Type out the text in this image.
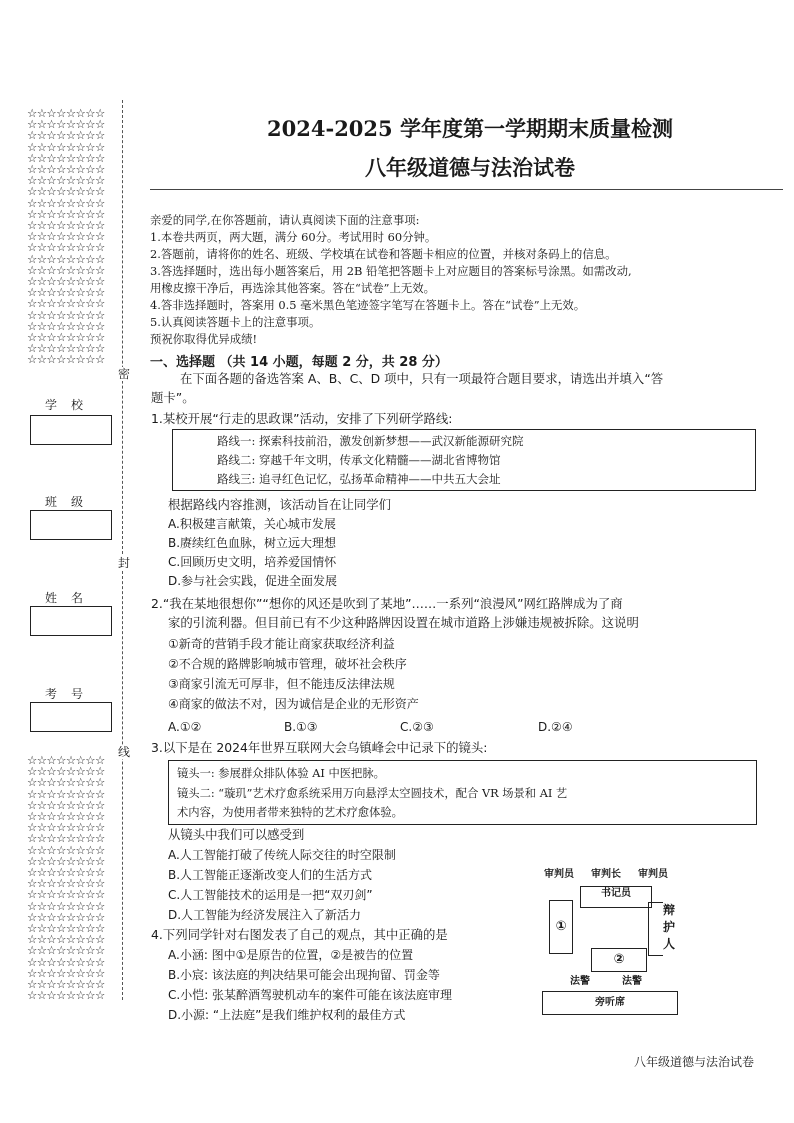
☆☆☆☆☆☆☆☆
☆☆☆☆☆☆☆☆
☆☆☆☆☆☆☆☆
☆☆☆☆☆☆☆☆
☆☆☆☆☆☆☆☆
☆☆☆☆☆☆☆☆
☆☆☆☆☆☆☆☆
☆☆☆☆☆☆☆☆
☆☆☆☆☆☆☆☆
☆☆☆☆☆☆☆☆
☆☆☆☆☆☆☆☆
☆☆☆☆☆☆☆☆
☆☆☆☆☆☆☆☆
☆☆☆☆☆☆☆☆
☆☆☆☆☆☆☆☆
☆☆☆☆☆☆☆☆
☆☆☆☆☆☆☆☆
☆☆☆☆☆☆☆☆
☆☆☆☆☆☆☆☆
☆☆☆☆☆☆☆☆
☆☆☆☆☆☆☆☆
☆☆☆☆☆☆☆☆
☆☆☆☆☆☆☆☆
☆☆☆☆☆☆☆☆
☆☆☆☆☆☆☆☆
☆☆☆☆☆☆☆☆
☆☆☆☆☆☆☆☆
☆☆☆☆☆☆☆☆
☆☆☆☆☆☆☆☆
☆☆☆☆☆☆☆☆
☆☆☆☆☆☆☆☆
☆☆☆☆☆☆☆☆
☆☆☆☆☆☆☆☆
☆☆☆☆☆☆☆☆
☆☆☆☆☆☆☆☆
☆☆☆☆☆☆☆☆
☆☆☆☆☆☆☆☆
☆☆☆☆☆☆☆☆
☆☆☆☆☆☆☆☆
☆☆☆☆☆☆☆☆
☆☆☆☆☆☆☆☆
☆☆☆☆☆☆☆☆
☆☆☆☆☆☆☆☆
☆☆☆☆☆☆☆☆
☆☆☆☆☆☆☆☆
密
封
线
学校
班级
姓名
考号
2024-2025 学年度第一学期期末质量检测
八年级道德与法治试卷
亲爱的同学,在你答题前，请认真阅读下面的注意事项:
1.本卷共两页，两大题，满分 60分。考试用时 60分钟。
2.答题前，请将你的姓名、班级、学校填在试卷和答题卡相应的位置，并核对条码上的信息。
3.答选择题时，选出每小题答案后，用 2B 铅笔把答题卡上对应题目的答案标号涂黑。如需改动,
用橡皮擦干净后，再选涂其他答案。答在“试卷”上无效。
4.答非选择题时，答案用 0.5 毫米黑色笔迹签字笔写在答题卡上。答在“试卷”上无效。
5.认真阅读答题卡上的注意事项。
预祝你取得优异成绩!
一、选择题 （共 14 小题，每题 2 分，共 28 分）
在下面各题的备选答案 A、B、C、D 项中，只有一项最符合题目要求，请选出并填入“答
题卡”。
1.某校开展“行走的思政课”活动，安排了下列研学路线:
路线一: 探索科技前沿，激发创新梦想——武汉新能源研究院
路线二: 穿越千年文明，传承文化精髓——湖北省博物馆
路线三: 追寻红色记忆，弘扬革命精神——中共五大会址
根据路线内容推测，该活动旨在让同学们
A.积极建言献策，关心城市发展
B.赓续红色血脉，树立远大理想
C.回顾历史文明，培养爱国情怀
D.参与社会实践，促进全面发展
2.“我在某地很想你”“想你的风还是吹到了某地”……一系列“浪漫风”网红路牌成为了商
家的引流利器。但目前已有不少这种路牌因设置在城市道路上涉嫌违规被拆除。这说明
①新奇的营销手段才能让商家获取经济利益
②不合规的路牌影响城市管理，破坏社会秩序
③商家引流无可厚非，但不能违反法律法规
④商家的做法不对，因为诚信是企业的无形资产
A.①②	B.①③	C.②③	D.②④
3.以下是在 2024年世界互联网大会乌镇峰会中记录下的镜头:
镜头一: 参展群众排队体验 AI 中医把脉。
镜头二: “璇玑”艺术疗愈系统采用万向悬浮太空圆技术，配合 VR 场景和 AI 艺
术内容，为使用者带来独特的艺术疗愈体验。
从镜头中我们可以感受到
A.人工智能打破了传统人际交往的时空限制
B.人工智能正逐渐改变人们的生活方式
C.人工智能技术的运用是一把“双刃剑”
D.人工智能为经济发展注入了新活力
4.下列同学针对右图发表了自己的观点，其中正确的是
A.小涵: 图中①是原告的位置，②是被告的位置
B.小宸: 该法庭的判决结果可能会出现拘留、罚金等
C.小恺: 张某醉酒驾驶机动车的案件可能在该法庭审理
D.小源: “上法庭”是我们维护权利的最佳方式
审判员 审判长 审判员
书记员
①
②
辩
护
人
法警	法警
旁听席
八年级道德与法治试卷
